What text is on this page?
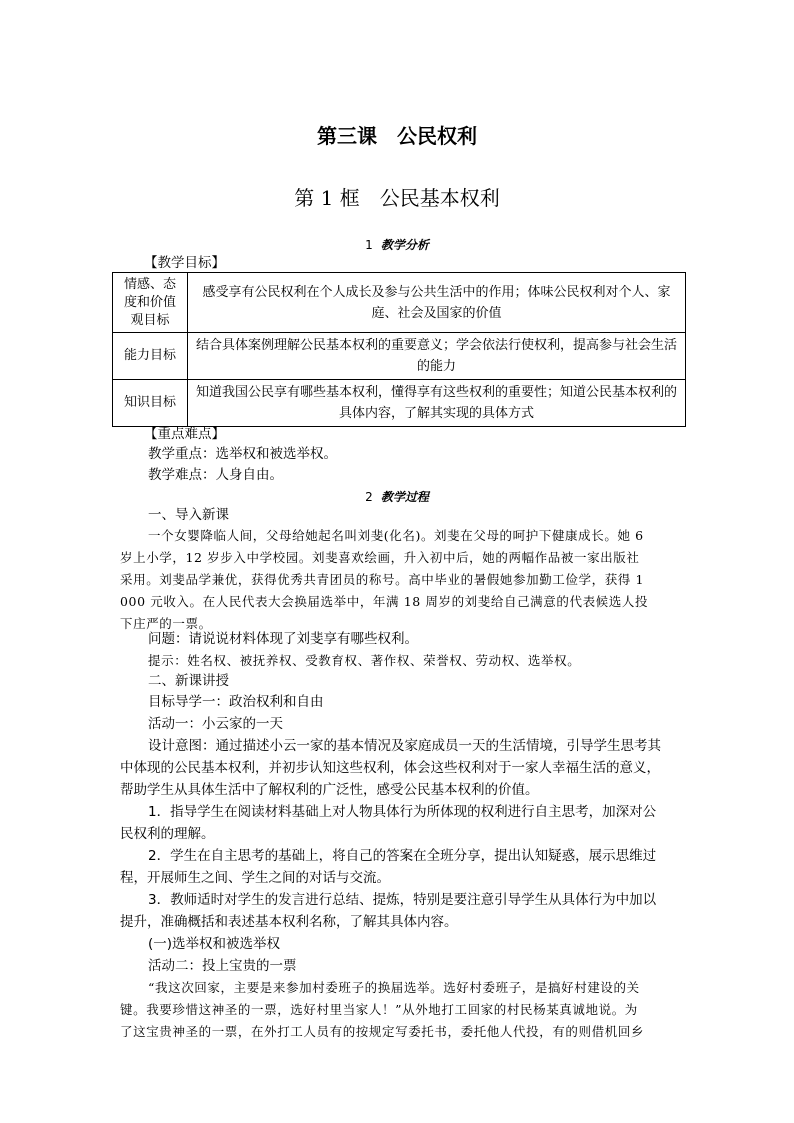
第三课　公民权利
第 1 框　公民基本权利
1 教学分析
【教学目标】
情感、态度和价值观目标	感受享有公民权利在个人成长及参与公共生活中的作用；体味公民权利对个人、家庭、社会及国家的价值
能力目标	结合具体案例理解公民基本权利的重要意义；学会依法行使权利，提高参与社会生活的能力
知识目标	知道我国公民享有哪些基本权利，懂得享有这些权利的重要性；知道公民基本权利的具体内容，了解其实现的具体方式
【重点难点】
教学重点：选举权和被选举权。
教学难点：人身自由。
2 教学过程
一、导入新课
一个女婴降临人间，父母给她起名叫刘斐(化名)。刘斐在父母的呵护下健康成长。她 6
岁上小学，12 岁步入中学校园。刘斐喜欢绘画，升入初中后，她的两幅作品被一家出版社
采用。刘斐品学兼优，获得优秀共青团员的称号。高中毕业的暑假她参加勤工俭学，获得 1
000 元收入。在人民代表大会换届选举中，年满 18 周岁的刘斐给自己满意的代表候选人投
下庄严的一票。
问题：请说说材料体现了刘斐享有哪些权利。
提示：姓名权、被抚养权、受教育权、著作权、荣誉权、劳动权、选举权。
二、新课讲授
目标导学一：政治权利和自由
活动一：小云家的一天
设计意图：通过描述小云一家的基本情况及家庭成员一天的生活情境，引导学生思考其
中体现的公民基本权利，并初步认知这些权利，体会这些权利对于一家人幸福生活的意义，
帮助学生从具体生活中了解权利的广泛性，感受公民基本权利的价值。
1．指导学生在阅读材料基础上对人物具体行为所体现的权利进行自主思考，加深对公
民权利的理解。
2．学生在自主思考的基础上，将自己的答案在全班分享，提出认知疑惑，展示思维过
程，开展师生之间、学生之间的对话与交流。
3．教师适时对学生的发言进行总结、提炼，特别是要注意引导学生从具体行为中加以
提升，准确概括和表述基本权利名称，了解其具体内容。
(一)选举权和被选举权
活动二：投上宝贵的一票
“我这次回家，主要是来参加村委班子的换届选举。选好村委班子，是搞好村建设的关
键。我要珍惜这神圣的一票，选好村里当家人！”从外地打工回家的村民杨某真诚地说。为
了这宝贵神圣的一票，在外打工人员有的按规定写委托书，委托他人代投，有的则借机回乡
